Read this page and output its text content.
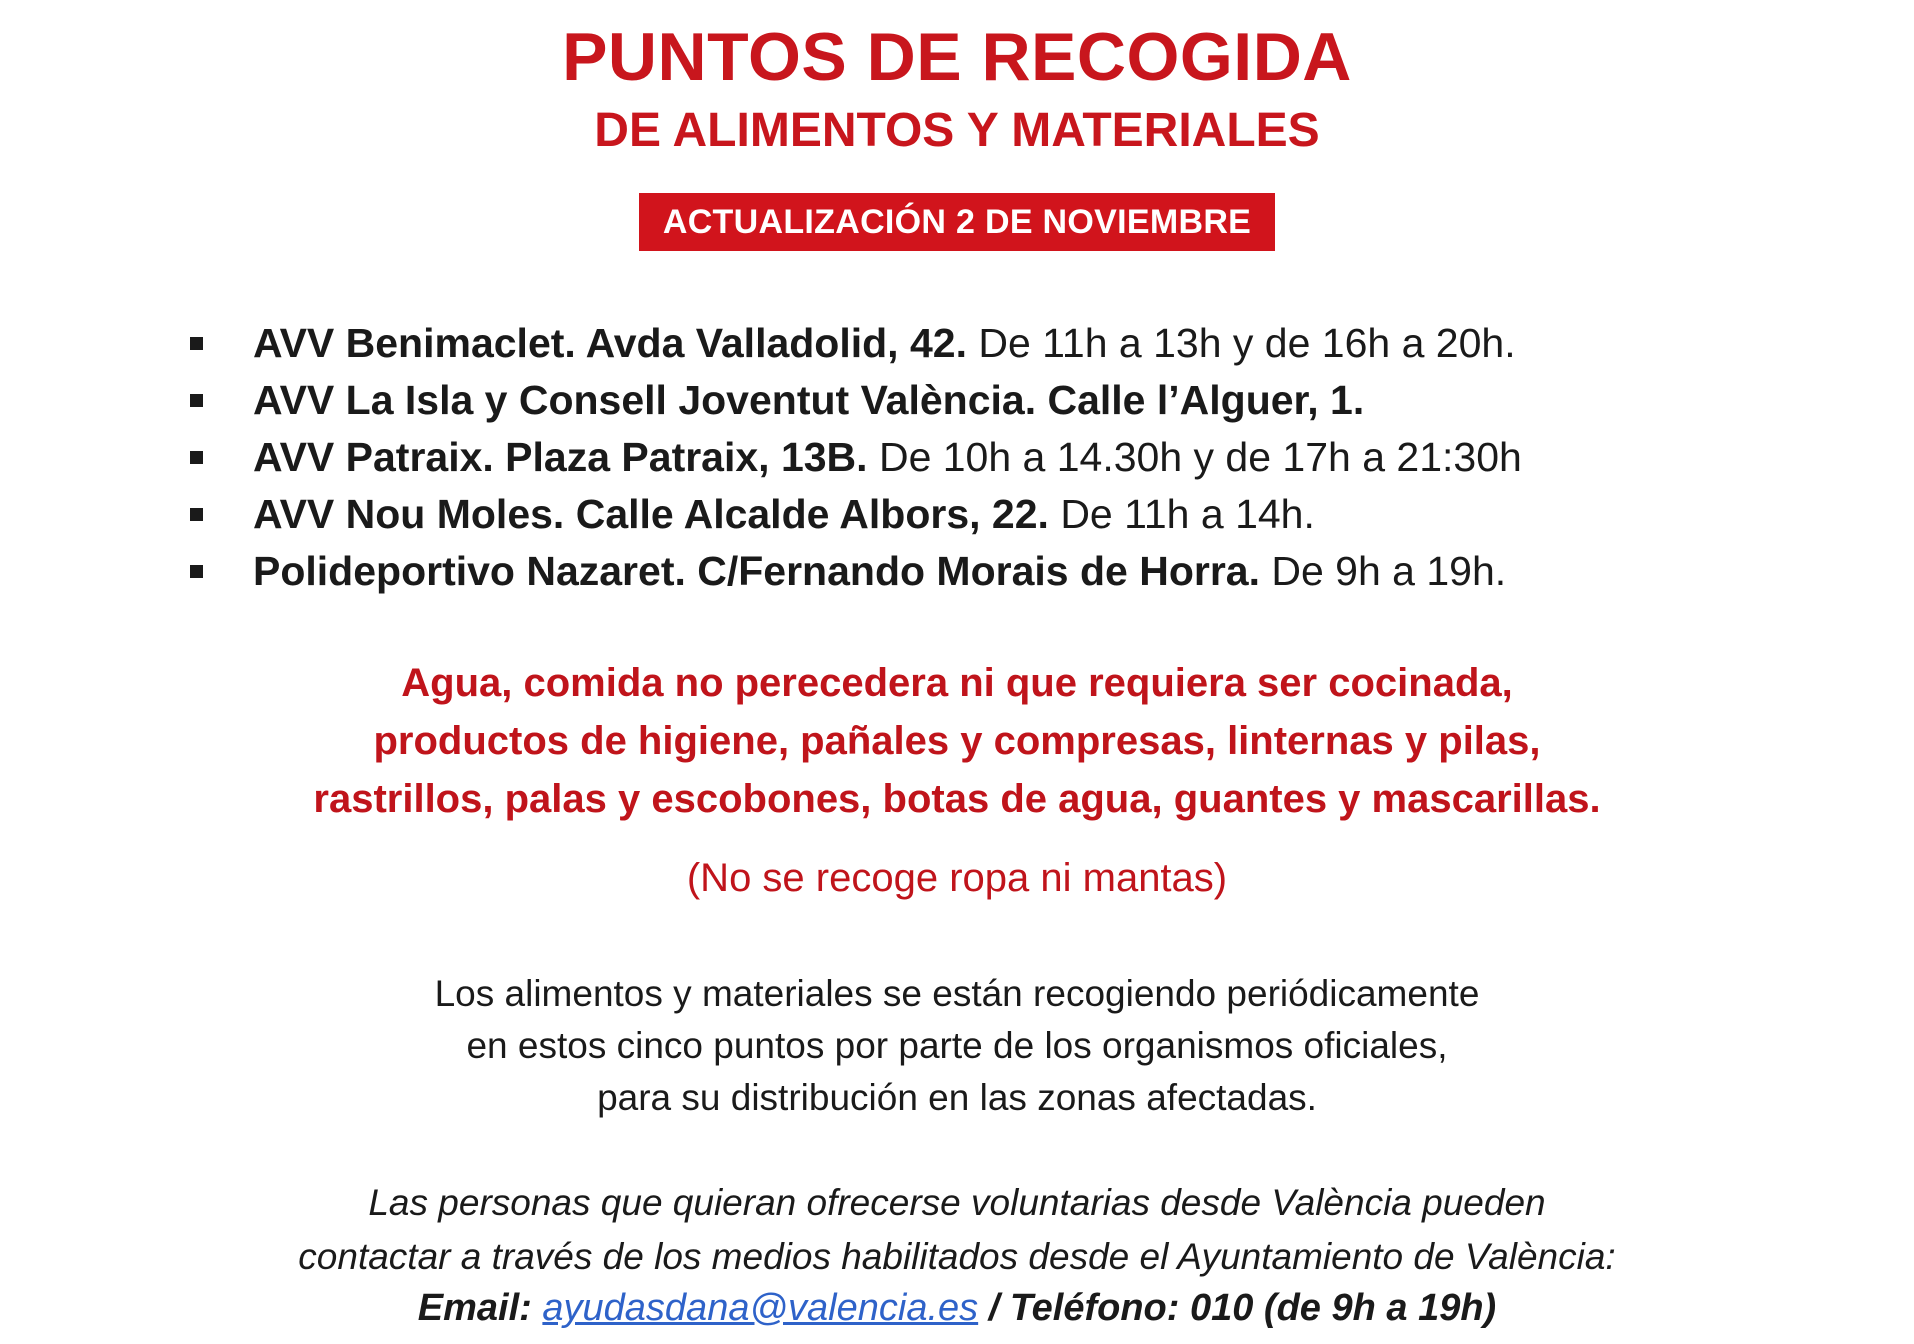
PUNTOS DE RECOGIDA
DE ALIMENTOS Y MATERIALES
ACTUALIZACIÓN 2 DE NOVIEMBRE
AVV Benimaclet. Avda Valladolid, 42. De 11h a 13h y de 16h a 20h.
AVV La Isla y Consell Joventut València. Calle l’Alguer, 1.
AVV Patraix. Plaza Patraix, 13B. De 10h a 14.30h y de 17h a 21:30h
AVV Nou Moles. Calle Alcalde Albors, 22. De 11h a 14h.
Polideportivo Nazaret. C/Fernando Morais de Horra. De 9h a 19h.
Agua, comida no perecedera ni que requiera ser cocinada,
productos de higiene, pañales y compresas, linternas y pilas,
rastrillos, palas y escobones, botas de agua, guantes y mascarillas.
(No se recoge ropa ni mantas)
Los alimentos y materiales se están recogiendo periódicamente
en estos cinco puntos por parte de los organismos oficiales,
para su distribución en las zonas afectadas.
Las personas que quieran ofrecerse voluntarias desde València pueden
contactar a través de los medios habilitados desde el Ayuntamiento de València:
Email: ayudasdana@valencia.es / Teléfono: 010 (de 9h a 19h)
